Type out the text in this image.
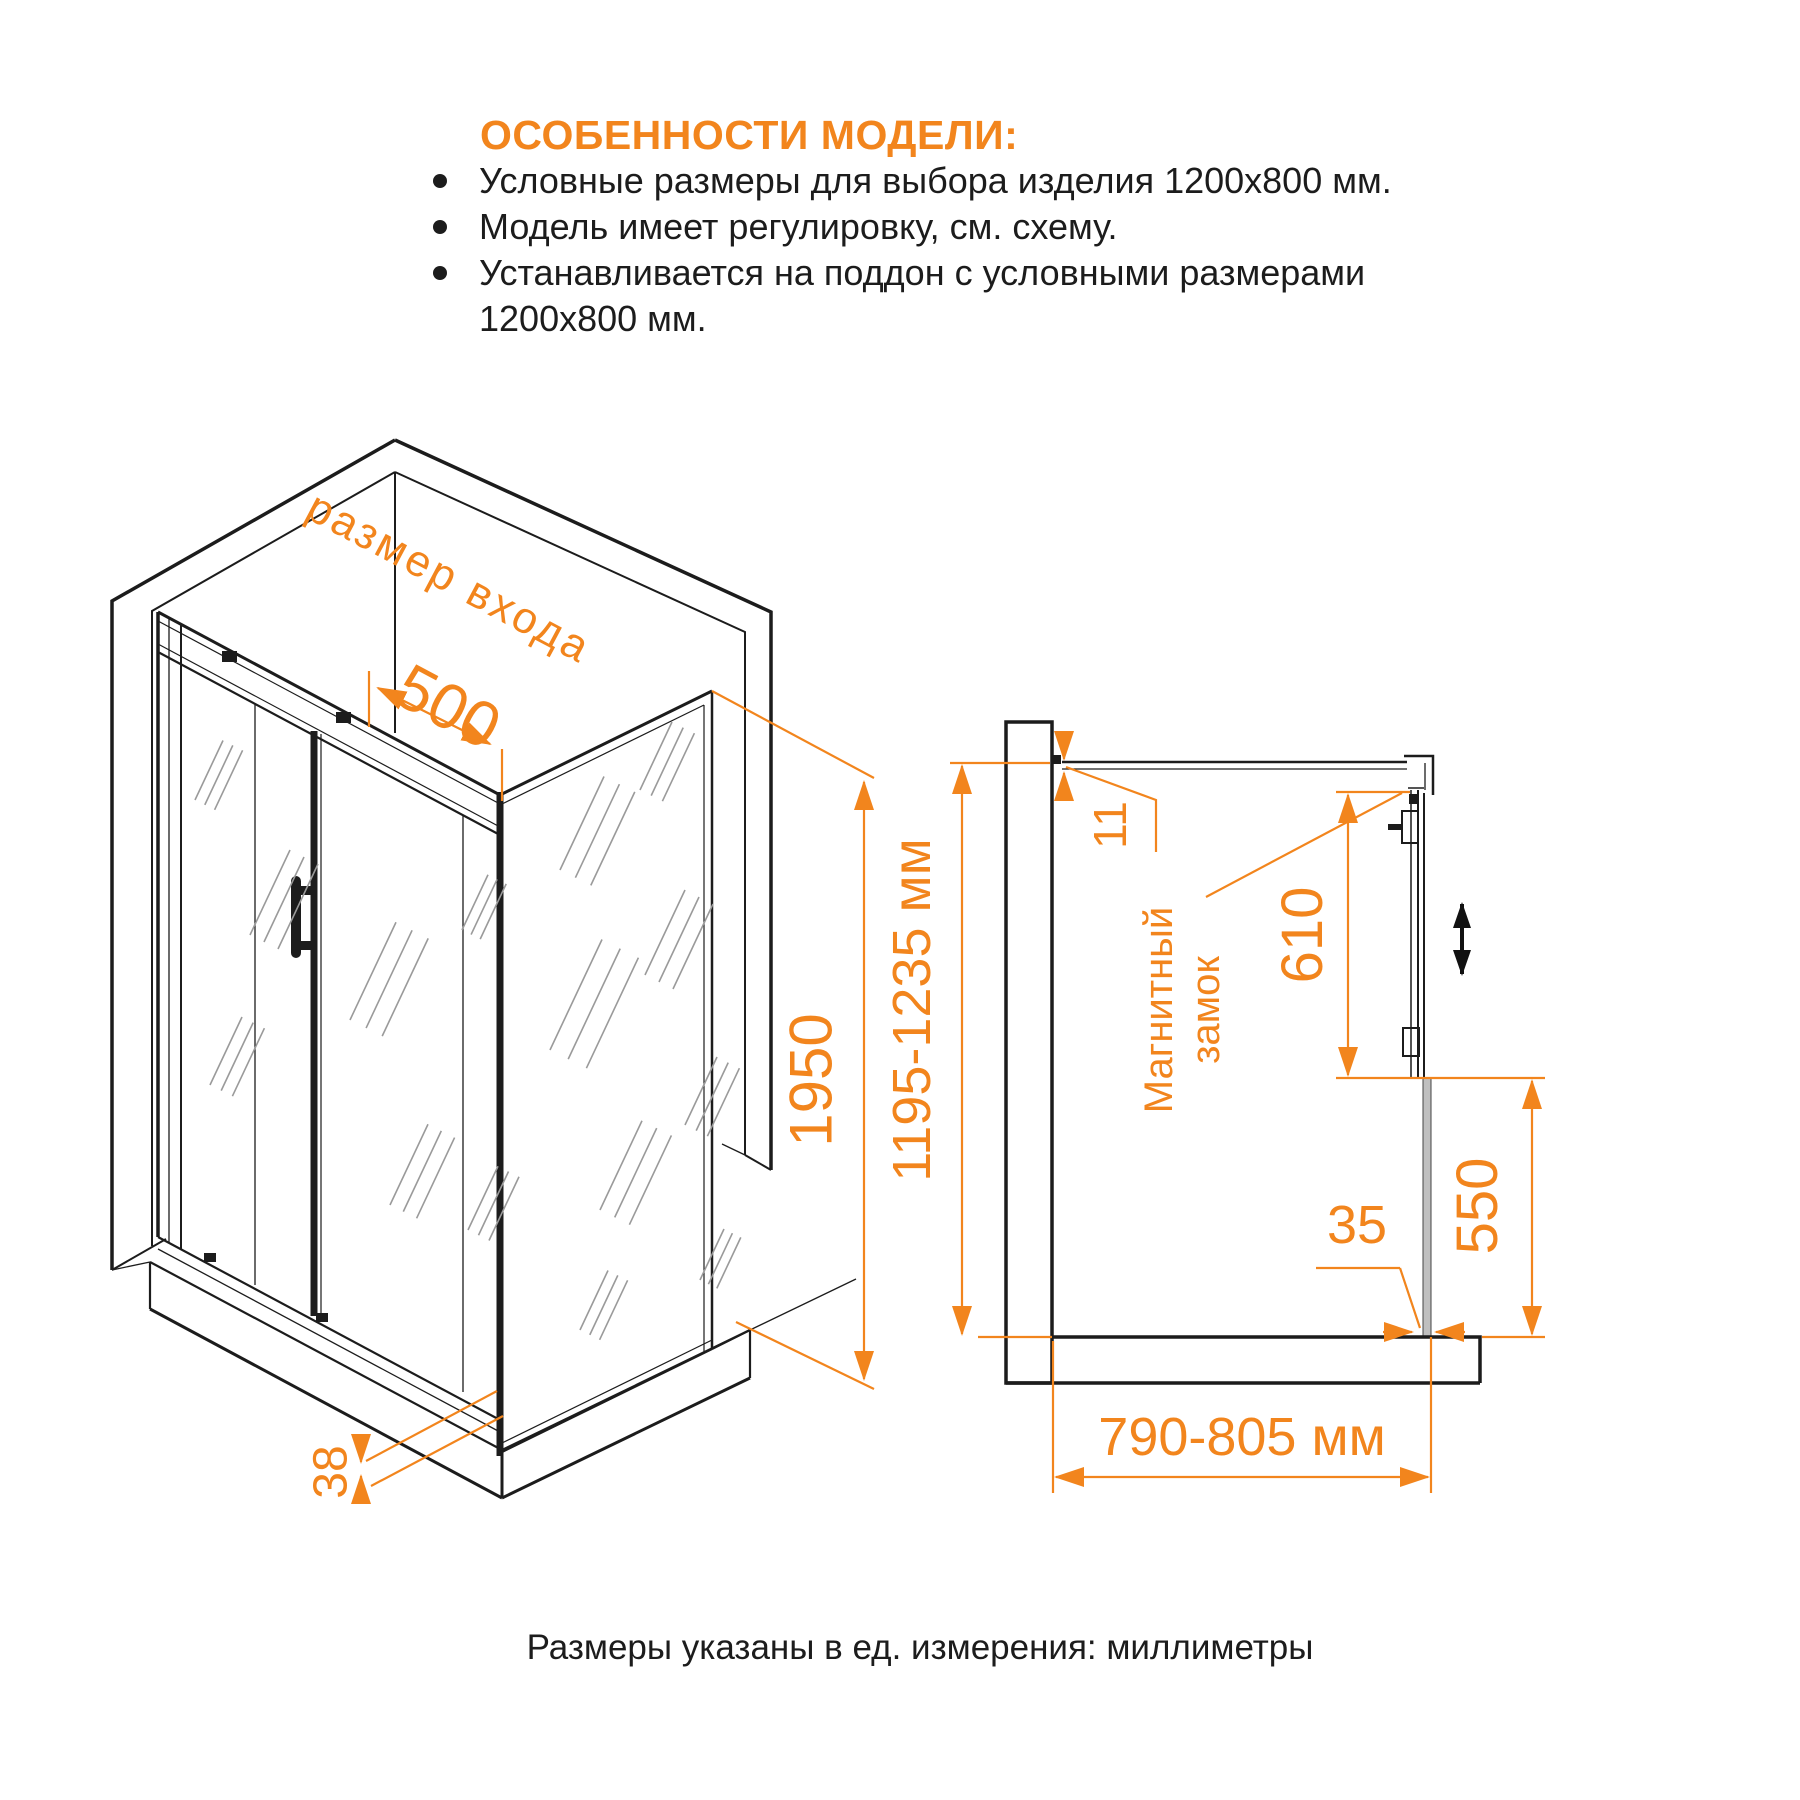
ОСОБЕННОСТИ МОДЕЛИ:
Условные размеры для выбора изделия 1200x800 мм.
Модель имеет регулировку, см. схему.
Устанавливается на поддон с условными размерами 1200x800 мм.
размер входа
500
1950
38
1195-1235 мм
11
Магнитный
замок
610
550
35
790-805 мм
Размеры указаны в ед. измерения: миллиметры
